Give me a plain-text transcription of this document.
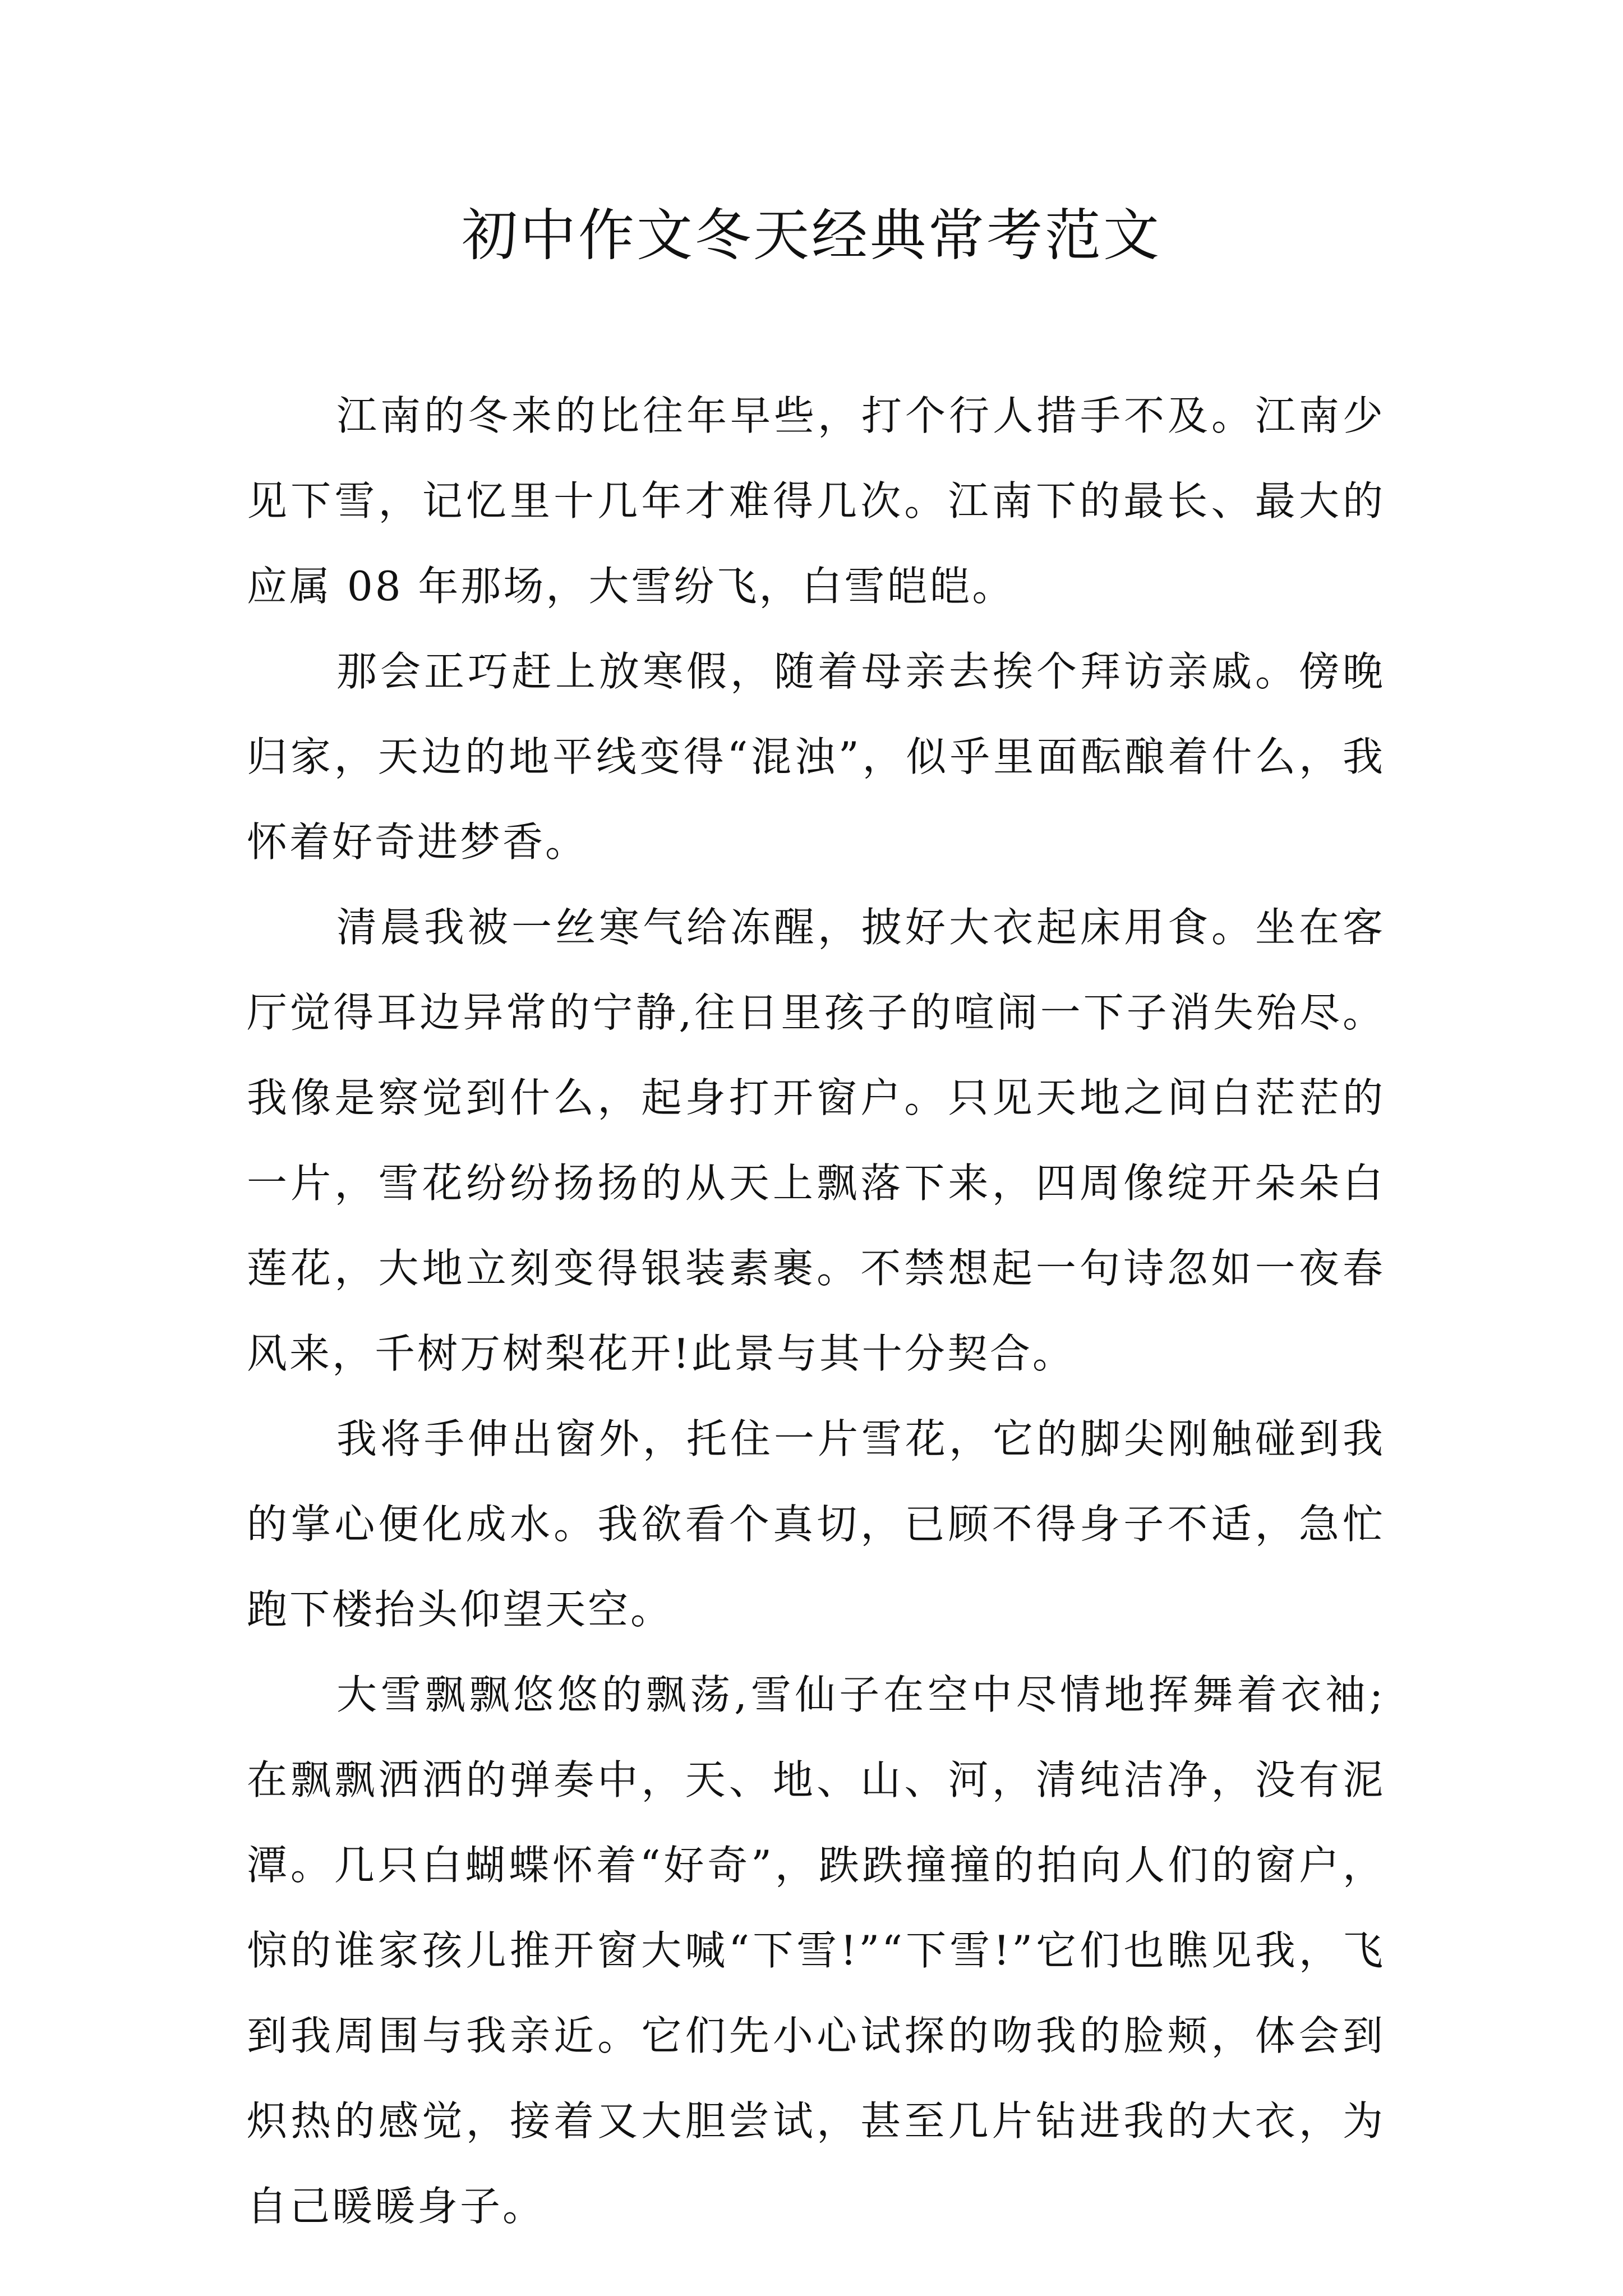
初中作文冬天经典常考范文

江南的冬来的比往年早些，打个行人措手不及。江南少见下雪，记忆里十几年才难得几次。江南下的最长、最大的应属 08 年那场，大雪纷飞，白雪皑皑。

那会正巧赶上放寒假，随着母亲去挨个拜访亲戚。傍晚归家，天边的地平线变得“混浊”，似乎里面酝酿着什么，我怀着好奇进梦香。

清晨我被一丝寒气给冻醒，披好大衣起床用食。坐在客厅觉得耳边异常的宁静,往日里孩子的喧闹一下子消失殆尽。我像是察觉到什么，起身打开窗户。只见天地之间白茫茫的一片，雪花纷纷扬扬的从天上飘落下来，四周像绽开朵朵白莲花，大地立刻变得银装素裹。不禁想起一句诗忽如一夜春风来，千树万树梨花开!此景与其十分契合。

我将手伸出窗外，托住一片雪花，它的脚尖刚触碰到我的掌心便化成水。我欲看个真切，已顾不得身子不适，急忙跑下楼抬头仰望天空。

大雪飘飘悠悠的飘荡,雪仙子在空中尽情地挥舞着衣袖;在飘飘洒洒的弹奏中，天、地、山、河，清纯洁净，没有泥潭。几只白蝴蝶怀着“好奇”，跌跌撞撞的拍向人们的窗户，惊的谁家孩儿推开窗大喊“下雪!”“下雪!”它们也瞧见我，飞到我周围与我亲近。它们先小心试探的吻我的脸颊，体会到炽热的感觉，接着又大胆尝试，甚至几片钻进我的大衣，为自己暖暖身子。
